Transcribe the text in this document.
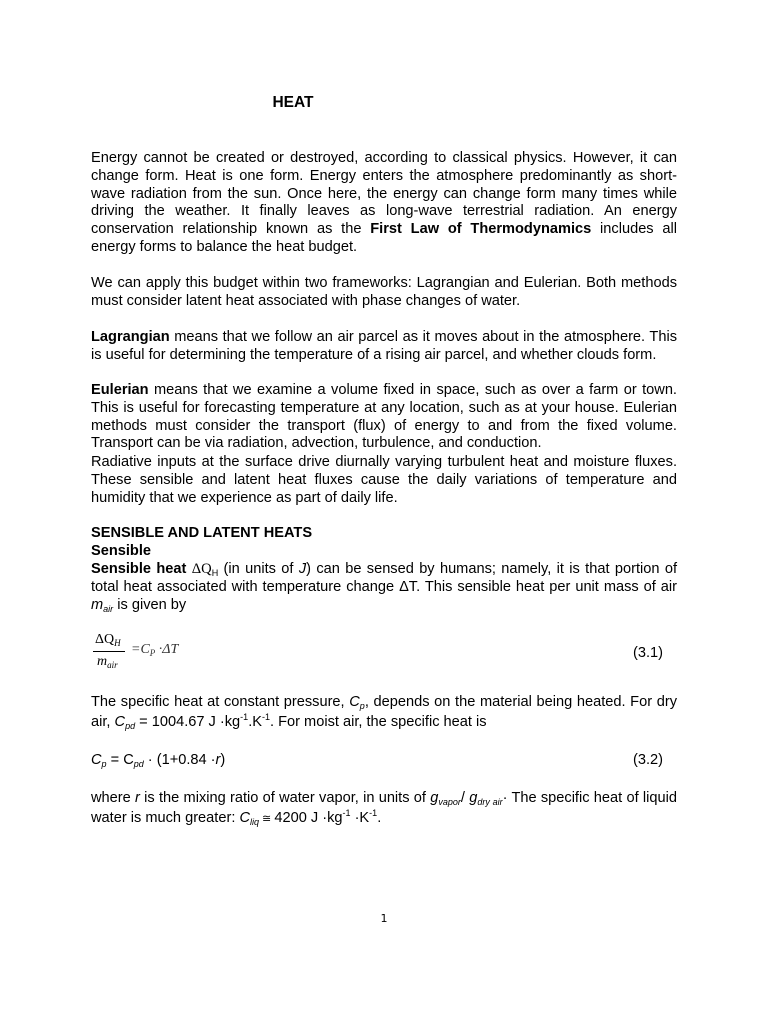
HEAT

Energy cannot be created or destroyed, according to classical physics. However, it can change form. Heat is one form. Energy enters the atmosphere predominantly as short-wave radiation from the sun. Once here, the energy can change form many times while driving the weather. It finally leaves as long-wave terrestrial radiation. An energy conservation relationship known as the First Law of Thermodynamics includes all energy forms to balance the heat budget.

We can apply this budget within two frameworks: Lagrangian and Eulerian. Both methods must consider latent heat associated with phase changes of water.

Lagrangian means that we follow an air parcel as it moves about in the atmosphere. This is useful for determining the temperature of a rising air parcel, and whether clouds form.

Eulerian means that we examine a volume fixed in space, such as over a farm or town. This is useful for forecasting temperature at any location, such as at your house. Eulerian methods must consider the transport (flux) of energy to and from the fixed volume. Transport can be via radiation, advection, turbulence, and conduction.

Radiative inputs at the surface drive diurnally varying turbulent heat and moisture fluxes. These sensible and latent heat fluxes cause the daily variations of temperature and humidity that we experience as part of daily life.

SENSIBLE AND LATENT HEATS
Sensible

Sensible heat $\Delta Q_H$ (in units of J) can be sensed by humans; namely, it is that portion of total heat associated with temperature change ΔT. This sensible heat per unit mass of air $m_{air}$ is given by

$\Delta Q_H$
$m_{air}$
$=C_P \cdot\Delta T$	(3.1)

The specific heat at constant pressure, $C_p$, depends on the material being heated. For dry air, $C_{pd} = 1004.67$ $J \cdot kg^{-1}.K^{-1}$. For moist air, the specific heat is

$C_p = C_{pd} \cdot (1+0.84 \cdot r)$	(3.2)

where r is the mixing ratio of water vapor, in units of $g_{vapor}/$ $g_{dry air}\cdot$ The specific heat of liquid water is much greater: $C_{liq}$ ≅ 4200 $J \cdot kg^{-1} \cdot K^{-1}$.

1
